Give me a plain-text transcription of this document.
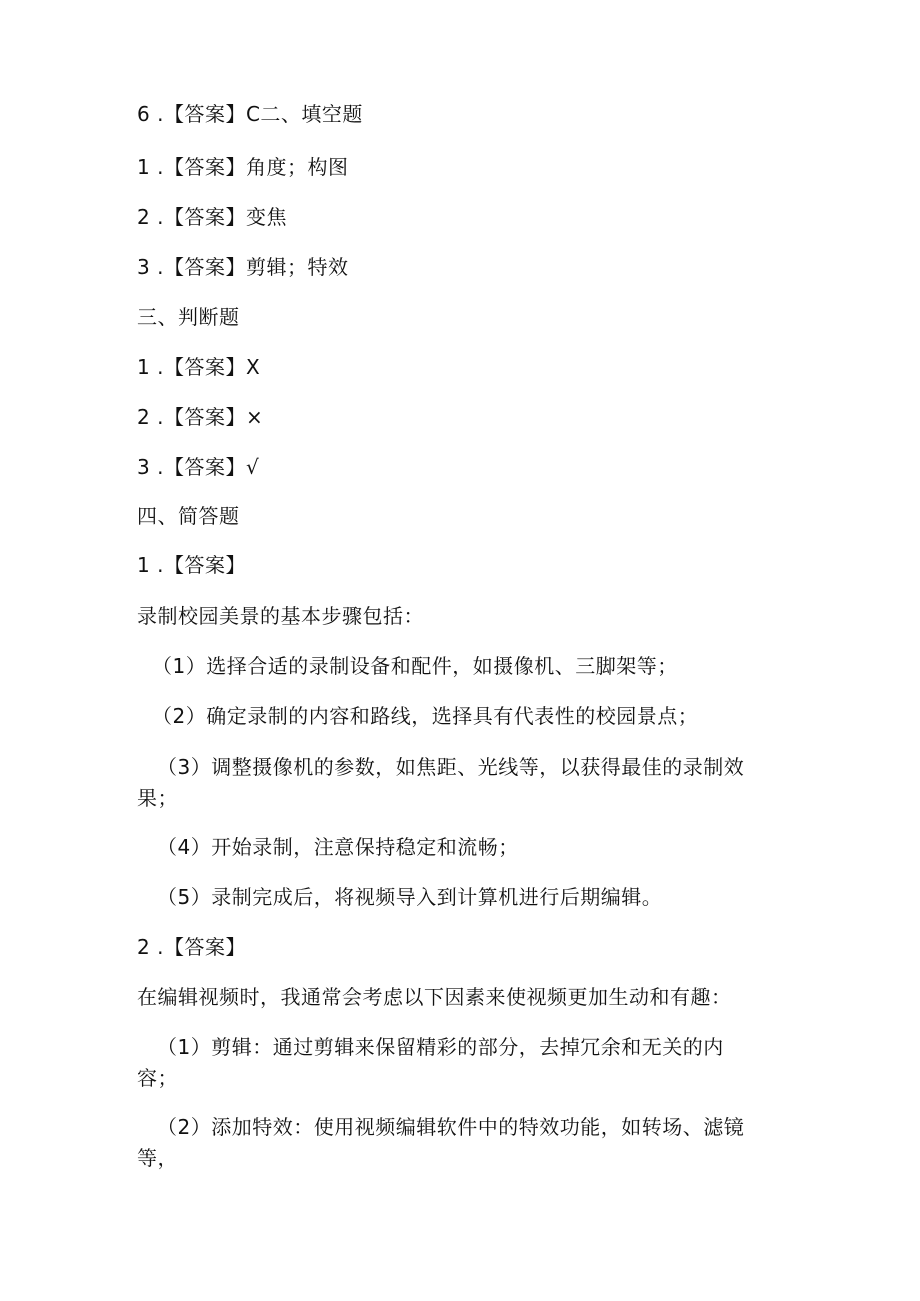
6 .【答案】C二、填空题
1 .【答案】角度；构图
2 .【答案】变焦
3 .【答案】剪辑；特效
三、判断题
1 .【答案】X
2 .【答案】×
3 .【答案】√
四、简答题
1 .【答案】
录制校园美景的基本步骤包括：
（1）选择合适的录制设备和配件，如摄像机、三脚架等；
（2）确定录制的内容和路线，选择具有代表性的校园景点；
（3）调整摄像机的参数，如焦距、光线等，以获得最佳的录制效
果；
（4）开始录制，注意保持稳定和流畅；
（5）录制完成后，将视频导入到计算机进行后期编辑。
2 .【答案】
在编辑视频时，我通常会考虑以下因素来使视频更加生动和有趣：
（1）剪辑：通过剪辑来保留精彩的部分，去掉冗余和无关的内
容；
（2）添加特效：使用视频编辑软件中的特效功能，如转场、滤镜
等，
